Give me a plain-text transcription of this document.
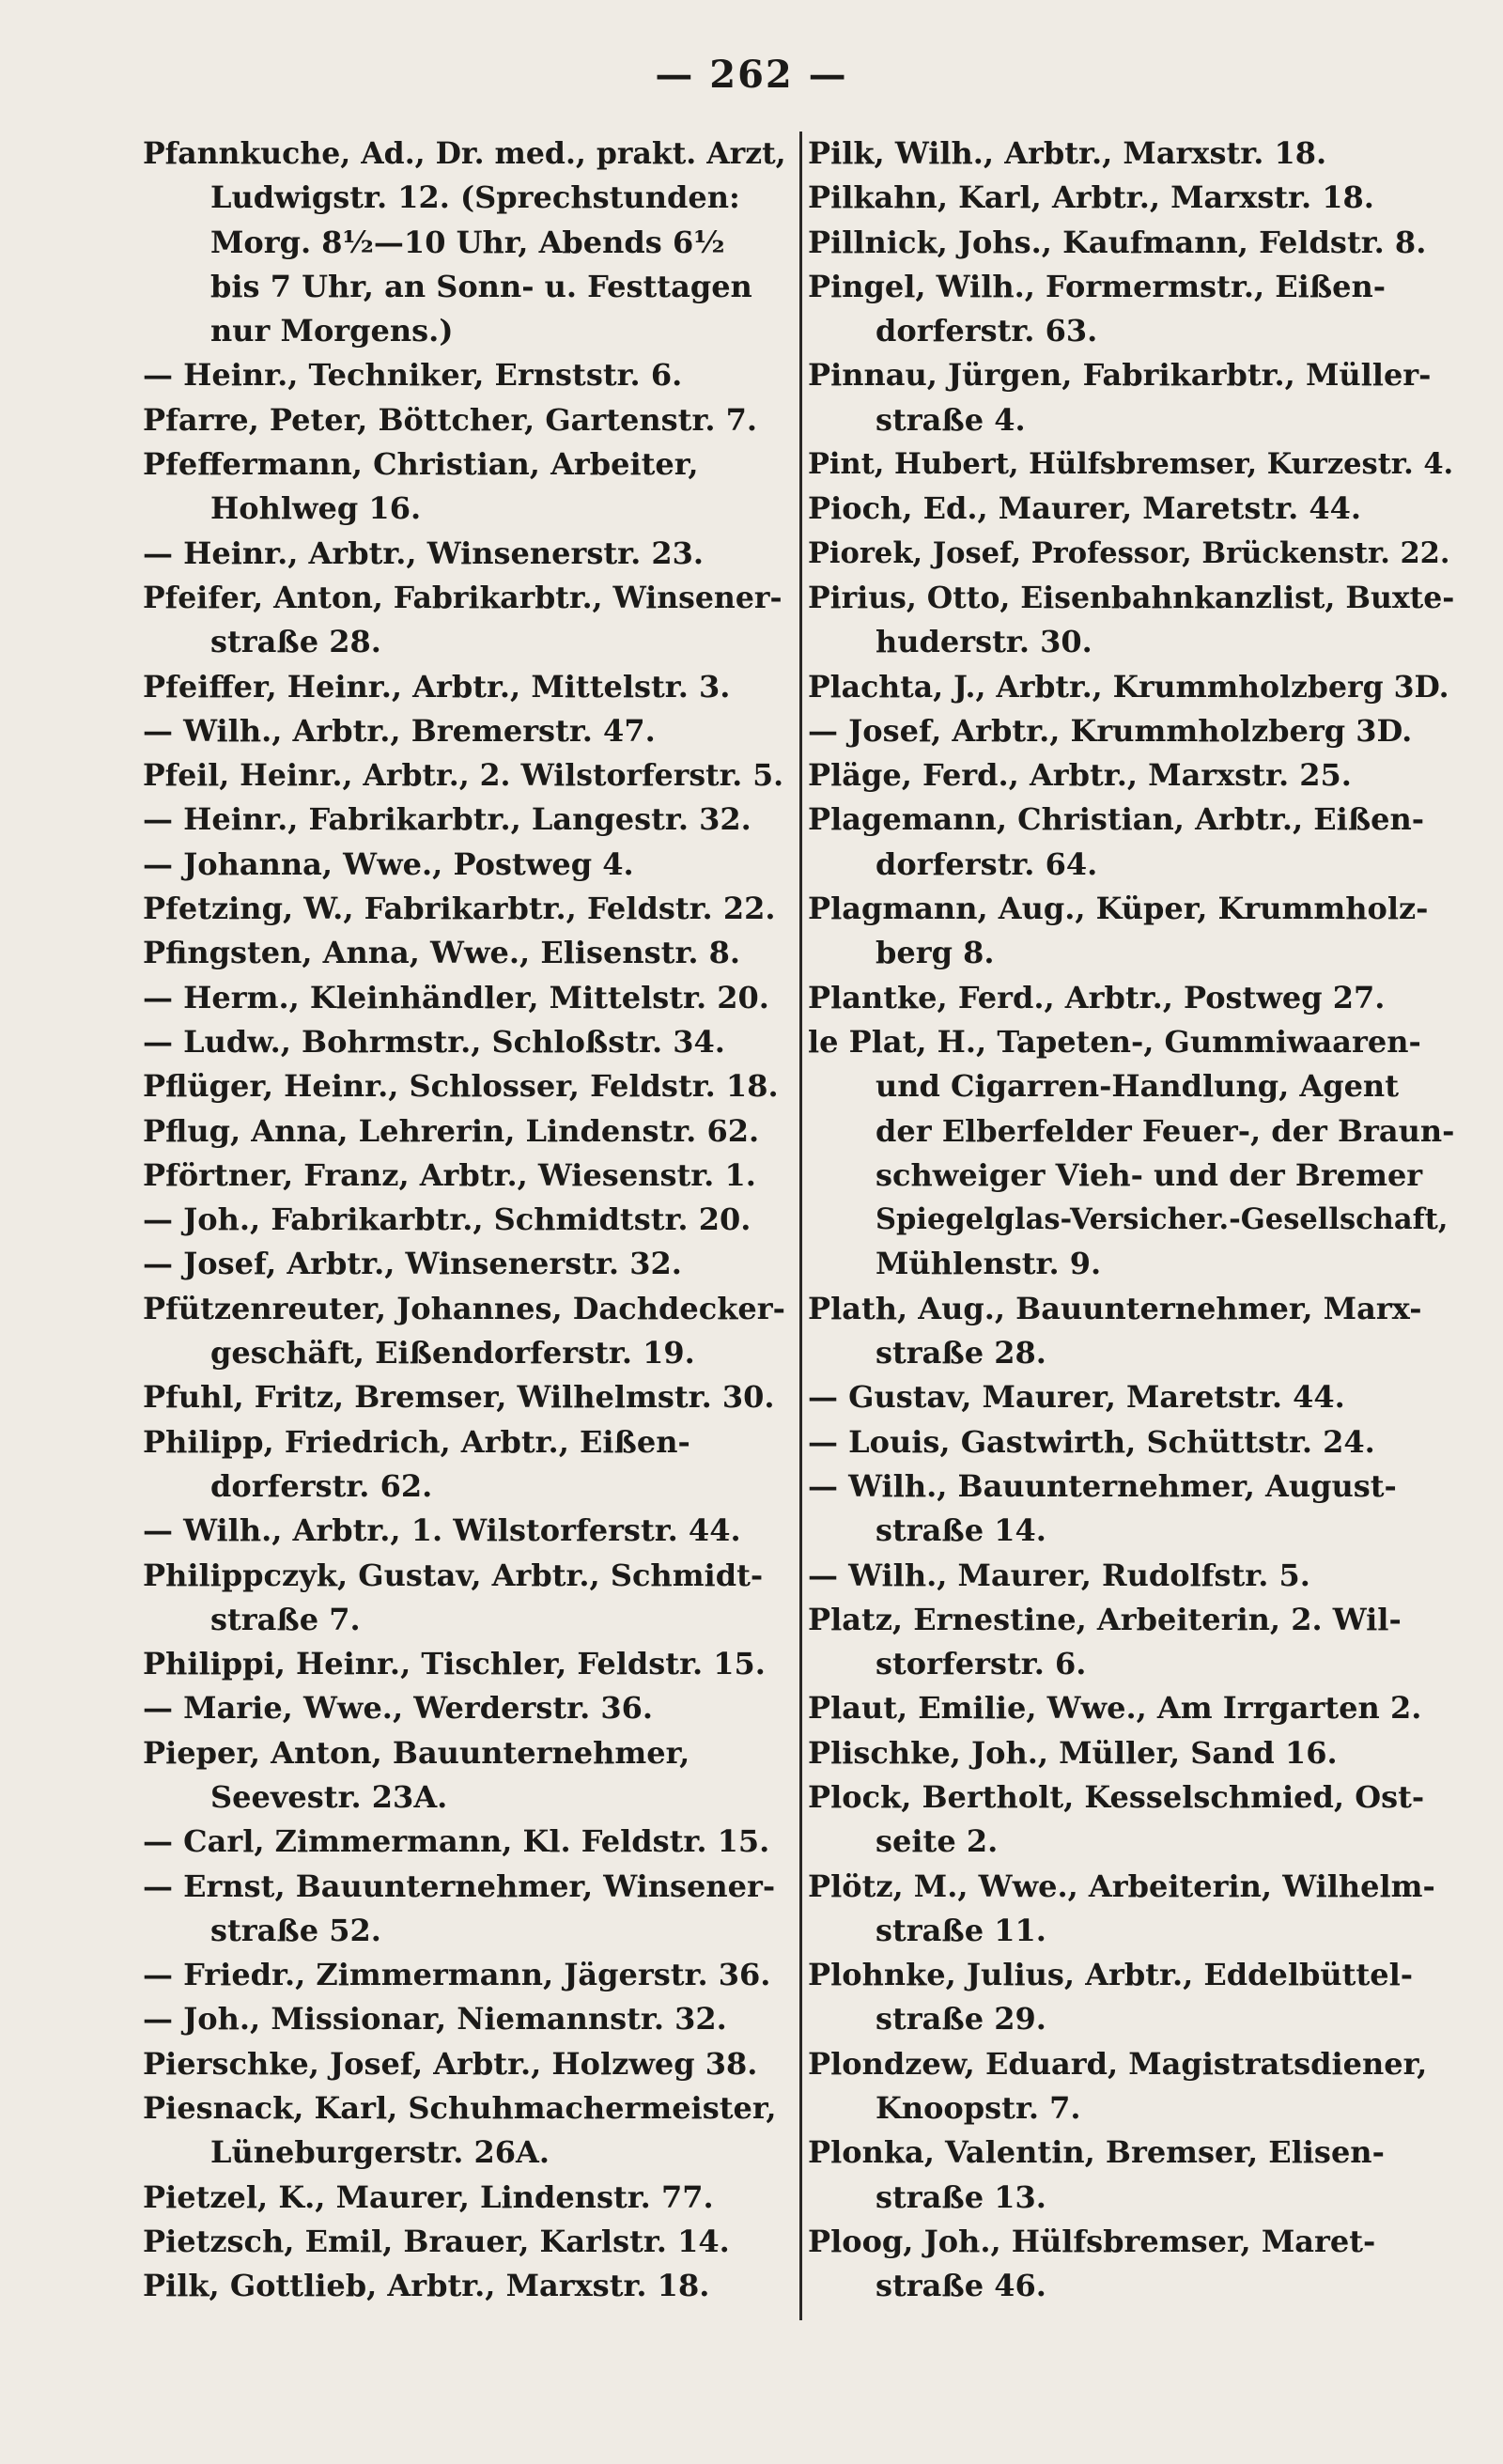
— 262 —
Pfannkuche, Ad., Dr. med., prakt. Arzt,
Ludwigstr. 12. (Sprechstunden:
Morg. 8½—10 Uhr, Abends 6½
bis 7 Uhr, an Sonn- u. Festtagen
nur Morgens.)
— Heinr., Techniker, Ernststr. 6.
Pfarre, Peter, Böttcher, Gartenstr. 7.
Pfeffermann, Christian, Arbeiter,
Hohlweg 16.
— Heinr., Arbtr., Winsenerstr. 23.
Pfeifer, Anton, Fabrikarbtr., Winsener-
straße 28.
Pfeiffer, Heinr., Arbtr., Mittelstr. 3.
— Wilh., Arbtr., Bremerstr. 47.
Pfeil, Heinr., Arbtr., 2. Wilstorferstr. 5.
— Heinr., Fabrikarbtr., Langestr. 32.
— Johanna, Wwe., Postweg 4.
Pfetzing, W., Fabrikarbtr., Feldstr. 22.
Pfingsten, Anna, Wwe., Elisenstr. 8.
— Herm., Kleinhändler, Mittelstr. 20.
— Ludw., Bohrmstr., Schloßstr. 34.
Pflüger, Heinr., Schlosser, Feldstr. 18.
Pflug, Anna, Lehrerin, Lindenstr. 62.
Pförtner, Franz, Arbtr., Wiesenstr. 1.
— Joh., Fabrikarbtr., Schmidtstr. 20.
— Josef, Arbtr., Winsenerstr. 32.
Pfützenreuter, Johannes, Dachdecker-
geschäft, Eißendorferstr. 19.
Pfuhl, Fritz, Bremser, Wilhelmstr. 30.
Philipp, Friedrich, Arbtr., Eißen-
dorferstr. 62.
— Wilh., Arbtr., 1. Wilstorferstr. 44.
Philippczyk, Gustav, Arbtr., Schmidt-
straße 7.
Philippi, Heinr., Tischler, Feldstr. 15.
— Marie, Wwe., Werderstr. 36.
Pieper, Anton, Bauunternehmer,
Seevestr. 23A.
— Carl, Zimmermann, Kl. Feldstr. 15.
— Ernst, Bauunternehmer, Winsener-
straße 52.
— Friedr., Zimmermann, Jägerstr. 36.
— Joh., Missionar, Niemannstr. 32.
Pierschke, Josef, Arbtr., Holzweg 38.
Piesnack, Karl, Schuhmachermeister,
Lüneburgerstr. 26A.
Pietzel, K., Maurer, Lindenstr. 77.
Pietzsch, Emil, Brauer, Karlstr. 14.
Pilk, Gottlieb, Arbtr., Marxstr. 18.
Pilk, Wilh., Arbtr., Marxstr. 18.
Pilkahn, Karl, Arbtr., Marxstr. 18.
Pillnick, Johs., Kaufmann, Feldstr. 8.
Pingel, Wilh., Formermstr., Eißen-
dorferstr. 63.
Pinnau, Jürgen, Fabrikarbtr., Müller-
straße 4.
Pint, Hubert, Hülfsbremser, Kurzestr. 4.
Pioch, Ed., Maurer, Maretstr. 44.
Piorek, Josef, Professor, Brückenstr. 22.
Pirius, Otto, Eisenbahnkanzlist, Buxte-
huderstr. 30.
Plachta, J., Arbtr., Krummholzberg 3D.
— Josef, Arbtr., Krummholzberg 3D.
Pläge, Ferd., Arbtr., Marxstr. 25.
Plagemann, Christian, Arbtr., Eißen-
dorferstr. 64.
Plagmann, Aug., Küper, Krummholz-
berg 8.
Plantke, Ferd., Arbtr., Postweg 27.
le Plat, H., Tapeten-, Gummiwaaren-
und Cigarren-Handlung, Agent
der Elberfelder Feuer-, der Braun-
schweiger Vieh- und der Bremer
Spiegelglas-Versicher.-Gesellschaft,
Mühlenstr. 9.
Plath, Aug., Bauunternehmer, Marx-
straße 28.
— Gustav, Maurer, Maretstr. 44.
— Louis, Gastwirth, Schüttstr. 24.
— Wilh., Bauunternehmer, August-
straße 14.
— Wilh., Maurer, Rudolfstr. 5.
Platz, Ernestine, Arbeiterin, 2. Wil-
storferstr. 6.
Plaut, Emilie, Wwe., Am Irrgarten 2.
Plischke, Joh., Müller, Sand 16.
Plock, Bertholt, Kesselschmied, Ost-
seite 2.
Plötz, M., Wwe., Arbeiterin, Wilhelm-
straße 11.
Plohnke, Julius, Arbtr., Eddelbüttel-
straße 29.
Plondzew, Eduard, Magistratsdiener,
Knoopstr. 7.
Plonka, Valentin, Bremser, Elisen-
straße 13.
Ploog, Joh., Hülfsbremser, Maret-
straße 46.
